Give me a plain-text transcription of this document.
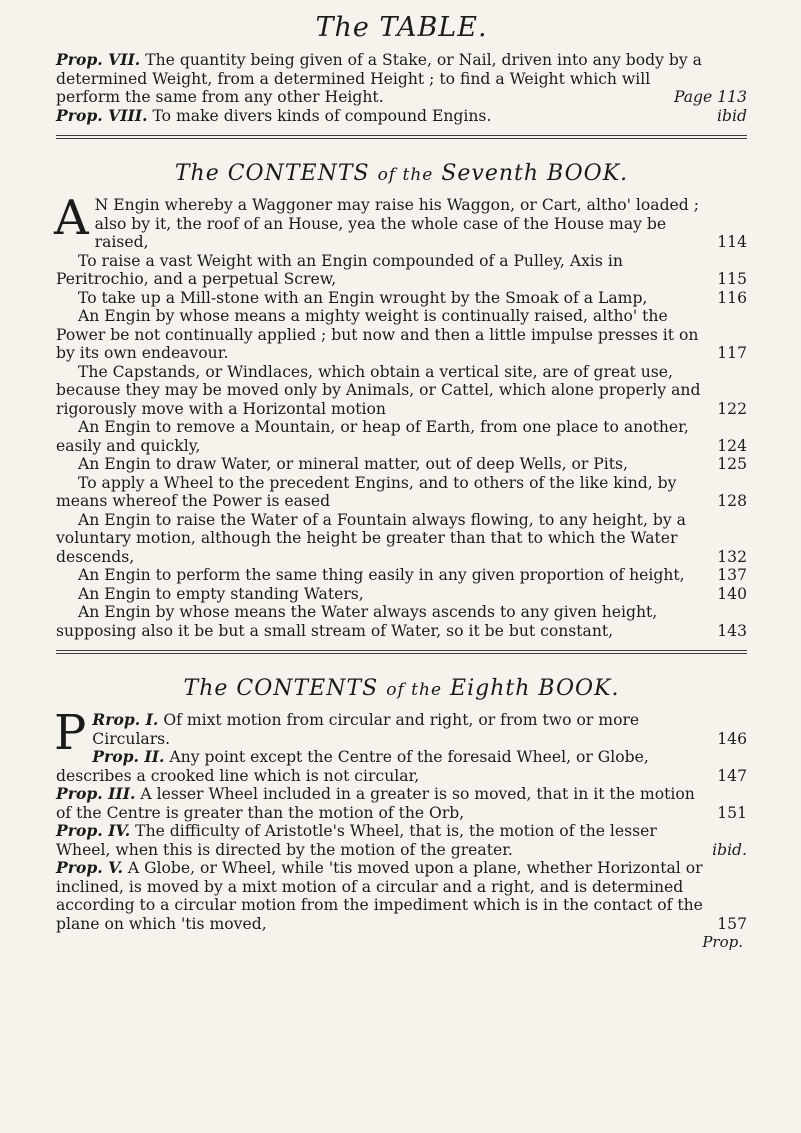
The TABLE.
Prop. VII. The quantity being given of a Stake, or Nail, driven into any body by a determined Weight, from a determined Height ; to find a Weight which will perform the same from any other Height.	Page 113
Prop. VIII. To make divers kinds of compound Engins.	ibid
The CONTENTS of the Seventh BOOK.
A N Engin whereby a Waggoner may raise his Waggon, or Cart, altho' loaded ; also by it, the roof of an House, yea the whole case of the House may be raised,	114
To raise a vast Weight with an Engin compounded of a Pulley, Axis in Peritrochio, and a perpetual Screw,	115
To take up a Mill-stone with an Engin wrought by the Smoak of a Lamp,	116
An Engin by whose means a mighty weight is continually raised, altho' the Power be not continually applied ; but now and then a little impulse presses it on by its own endeavour.	117
The Capstands, or Windlaces, which obtain a vertical site, are of great use, because they may be moved only by Animals, or Cattel, which alone properly and rigorously move with a Horizontal motion	122
An Engin to remove a Mountain, or heap of Earth, from one place to another, easily and quickly,	124
An Engin to draw Water, or mineral matter, out of deep Wells, or Pits,	125
To apply a Wheel to the precedent Engins, and to others of the like kind, by means whereof the Power is eased	128
An Engin to raise the Water of a Fountain always flowing, to any height, by a voluntary motion, although the height be greater than that to which the Water descends,	132
An Engin to perform the same thing easily in any given proportion of height,	137
An Engin to empty standing Waters,	140
An Engin by whose means the Water always ascends to any given height, supposing also it be but a small stream of Water, so it be but constant,	143
The CONTENTS of the Eighth BOOK.
P Rrop. I. Of mixt motion from circular and right, or from two or more Circulars.	146
Prop. II. Any point except the Centre of the foresaid Wheel, or Globe, describes a crooked line which is not circular,	147
Prop. III. A lesser Wheel included in a greater is so moved, that in it the motion of the Centre is greater than the motion of the Orb,	151
Prop. IV. The difficulty of Aristotle's Wheel, that is, the motion of the lesser Wheel, when this is directed by the motion of the greater.	ibid.
Prop. V. A Globe, or Wheel, while 'tis moved upon a plane, whether Horizontal or inclined, is moved by a mixt motion of a circular and a right, and is determined according to a circular motion from the impediment which is in the contact of the plane on which 'tis moved,	157
Prop.
